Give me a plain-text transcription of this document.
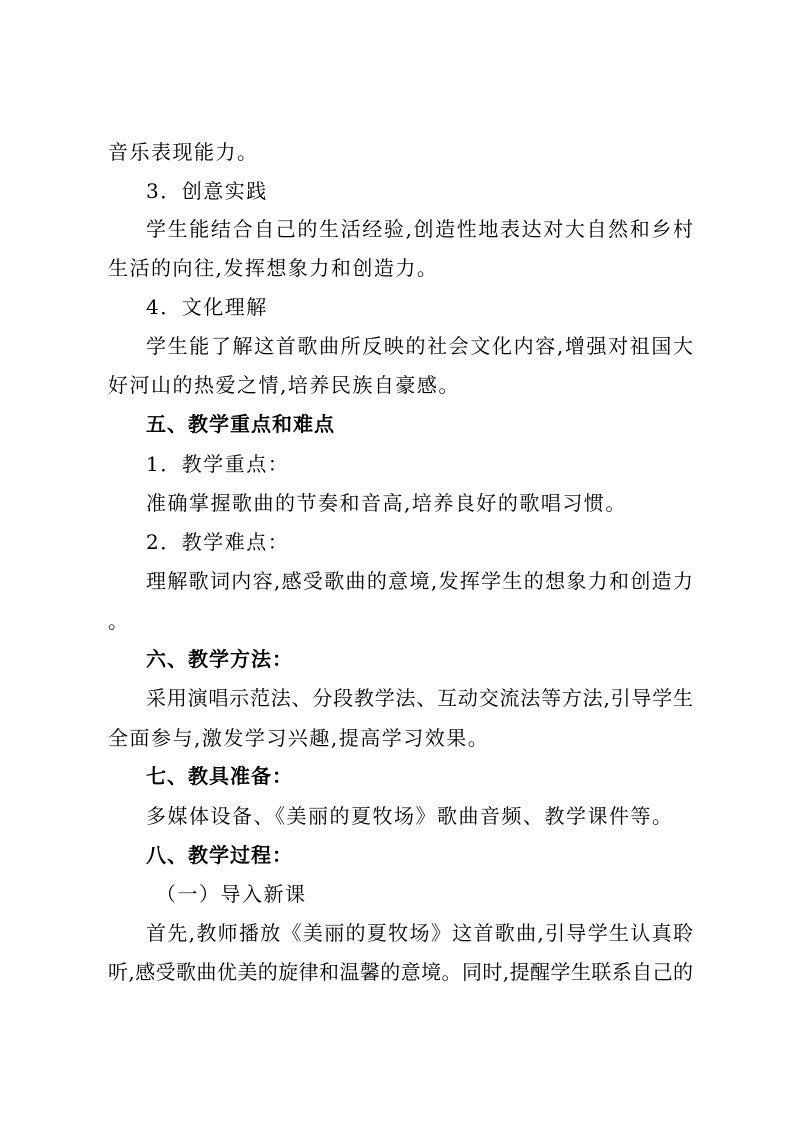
音乐表现能力。
3．创意实践
学生能结合自己的生活经验,创造性地表达对大自然和乡村
生活的向往,发挥想象力和创造力。
4．文化理解
学生能了解这首歌曲所反映的社会文化内容,增强对祖国大
好河山的热爱之情,培养民族自豪感。
五、教学重点和难点
1．教学重点：
准确掌握歌曲的节奏和音高,培养良好的歌唱习惯。
2．教学难点：
理解歌词内容,感受歌曲的意境,发挥学生的想象力和创造力
。
六、教学方法：
采用演唱示范法、分段教学法、互动交流法等方法,引导学生
全面参与,激发学习兴趣,提高学习效果。
七、教具准备：
多媒体设备、《美丽的夏牧场》歌曲音频、教学课件等。
八、教学过程：
（一）导入新课
首先,教师播放《美丽的夏牧场》这首歌曲,引导学生认真聆
听,感受歌曲优美的旋律和温馨的意境。同时,提醒学生联系自己的
